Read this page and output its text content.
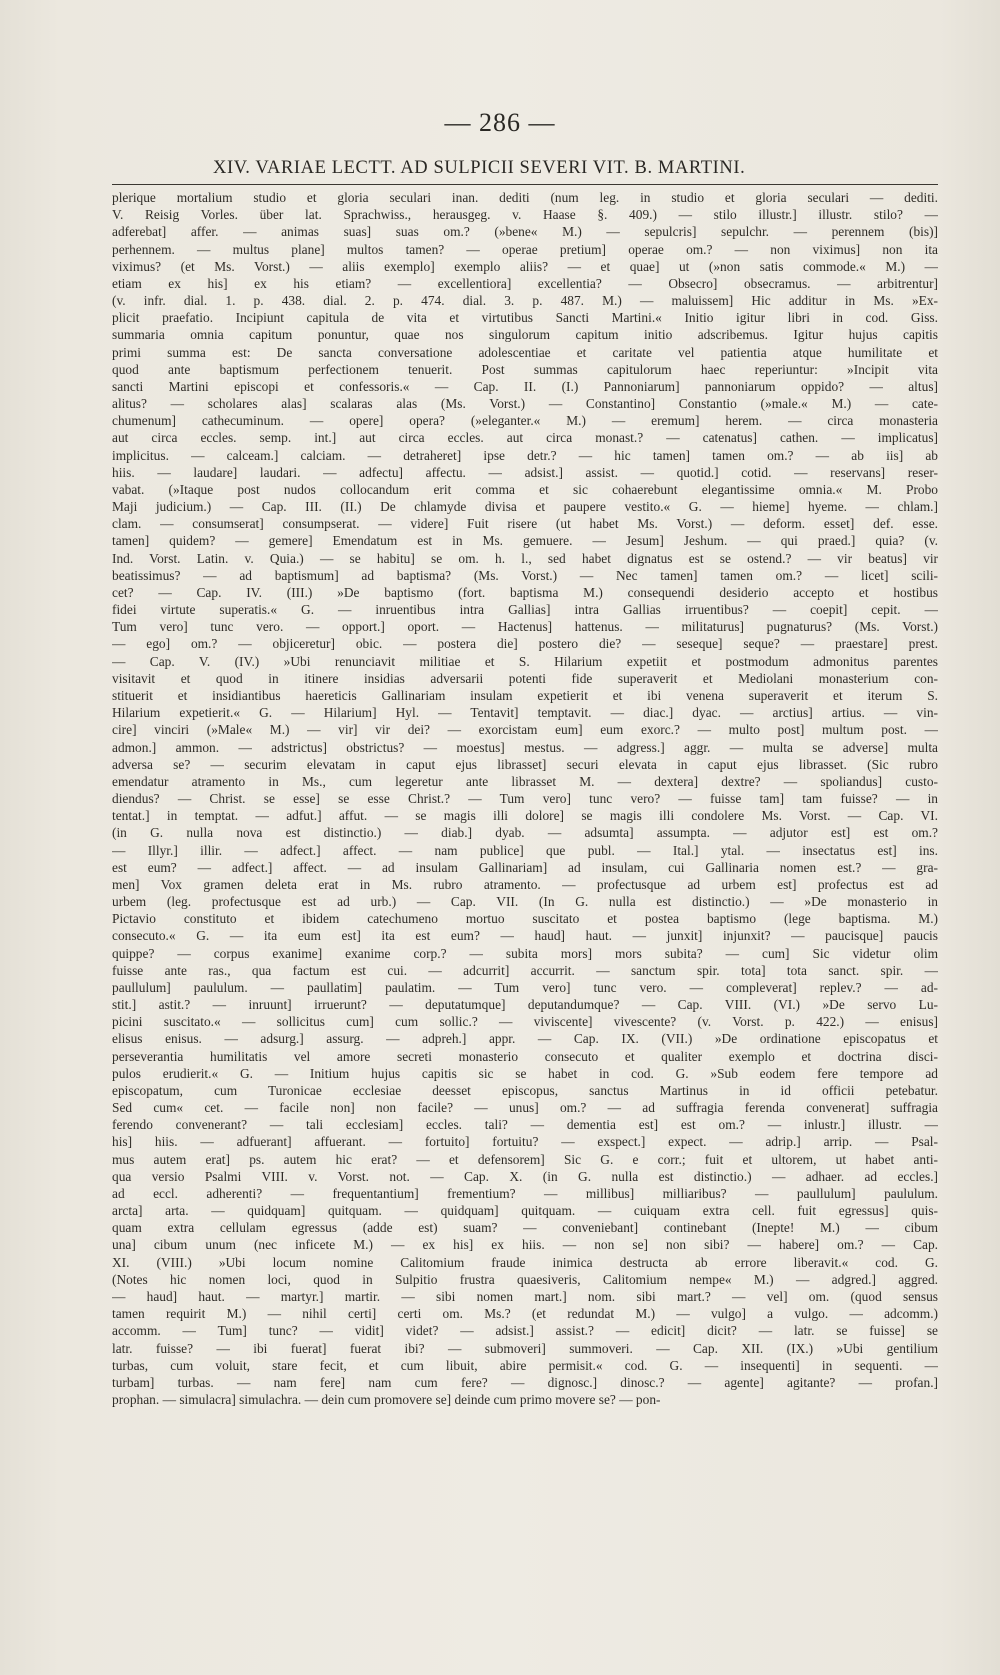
— 286 —
XIV. VARIAE LECTT. AD SULPICII SEVERI VIT. B. MARTINI.
plerique mortalium studio et gloria seculari inan. dediti (num leg. in studio et gloria seculari — dediti.
V. Reisig Vorles. über lat. Sprachwiss., herausgeg. v. Haase §. 409.) — stilo illustr.] illustr. stilo? —
adferebat] affer. — animas suas] suas om.? (»bene« M.) — sepulcris] sepulchr. — perennem (bis)]
perhennem. — multus plane] multos tamen? — operae pretium] operae om.? — non viximus] non ita
viximus? (et Ms. Vorst.) — aliis exemplo] exemplo aliis? — et quae] ut (»non satis commode.« M.) —
etiam ex his] ex his etiam? — excellentiora] excellentia? — Obsecro] obsecramus. — arbitrentur]
(v. infr. dial. 1. p. 438. dial. 2. p. 474. dial. 3. p. 487. M.) — maluissem] Hic additur in Ms. »Ex-
plicit praefatio. Incipiunt capitula de vita et virtutibus Sancti Martini.« Initio igitur libri in cod. Giss.
summaria omnia capitum ponuntur, quae nos singulorum capitum initio adscribemus. Igitur hujus capitis
primi summa est: De sancta conversatione adolescentiae et caritate vel patientia atque humilitate et
quod ante baptismum perfectionem tenuerit. Post summas capitulorum haec reperiuntur: »Incipit vita
sancti Martini episcopi et confessoris.« — Cap. II. (I.) Pannoniarum] pannoniarum oppido? — altus]
alitus? — scholares alas] scalaras alas (Ms. Vorst.) — Constantino] Constantio (»male.« M.) — cate-
chumenum] cathecuminum. — opere] opera? (»eleganter.« M.) — eremum] herem. — circa monasteria
aut circa eccles. semp. int.] aut circa eccles. aut circa monast.? — catenatus] cathen. — implicatus]
implicitus. — calceam.] calciam. — detraheret] ipse detr.? — hic tamen] tamen om.? — ab iis] ab
hiis. — laudare] laudari. — adfectu] affectu. — adsist.] assist. — quotid.] cotid. — reservans] reser-
vabat. (»Itaque post nudos collocandum erit comma et sic cohaerebunt elegantissime omnia.« M. Probo
Maji judicium.) — Cap. III. (II.) De chlamyde divisa et paupere vestito.« G. — hieme] hyeme. — chlam.]
clam. — consumserat] consumpserat. — videre] Fuit risere (ut habet Ms. Vorst.) — deform. esset] def. esse.
tamen] quidem? — gemere] Emendatum est in Ms. gemuere. — Jesum] Jeshum. — qui praed.] quia? (v.
Ind. Vorst. Latin. v. Quia.) — se habitu] se om. h. l., sed habet dignatus est se ostend.? — vir beatus] vir
beatissimus? — ad baptismum] ad baptisma? (Ms. Vorst.) — Nec tamen] tamen om.? — licet] scili-
cet? — Cap. IV. (III.) »De baptismo (fort. baptisma M.) consequendi desiderio accepto et hostibus
fidei virtute superatis.« G. — inruentibus intra Gallias] intra Gallias irruentibus? — coepit] cepit. —
Tum vero] tunc vero. — opport.] oport. — Hactenus] hattenus. — militaturus] pugnaturus? (Ms. Vorst.)
— ego] om.? — objiceretur] obic. — postera die] postero die? — seseque] seque? — praestare] prest.
— Cap. V. (IV.) »Ubi renunciavit militiae et S. Hilarium expetiit et postmodum admonitus parentes
visitavit et quod in itinere insidias adversarii potenti fide superaverit et Mediolani monasterium con-
stituerit et insidiantibus haereticis Gallinariam insulam expetierit et ibi venena superaverit et iterum S.
Hilarium expetierit.« G. — Hilarium] Hyl. — Tentavit] temptavit. — diac.] dyac. — arctius] artius. — vin-
cire] vinciri (»Male« M.) — vir] vir dei? — exorcistam eum] eum exorc.? — multo post] multum post. —
admon.] ammon. — adstrictus] obstrictus? — moestus] mestus. — adgress.] aggr. — multa se adverse] multa
adversa se? — securim elevatam in caput ejus librasset] securi elevata in caput ejus librasset. (Sic rubro
emendatur atramento in Ms., cum legeretur ante librasset M. — dextera] dextre? — spoliandus] custo-
diendus? — Christ. se esse] se esse Christ.? — Tum vero] tunc vero? — fuisse tam] tam fuisse? — in
tentat.] in temptat. — adfut.] affut. — se magis illi dolore] se magis illi condolere Ms. Vorst. — Cap. VI.
(in G. nulla nova est distinctio.) — diab.] dyab. — adsumta] assumpta. — adjutor est] est om.?
— Illyr.] illir. — adfect.] affect. — nam publice] que publ. — Ital.] ytal. — insectatus est] ins.
est eum? — adfect.] affect. — ad insulam Gallinariam] ad insulam, cui Gallinaria nomen est.? — gra-
men] Vox gramen deleta erat in Ms. rubro atramento. — profectusque ad urbem est] profectus est ad
urbem (leg. profectusque est ad urb.) — Cap. VII. (In G. nulla est distinctio.) — »De monasterio in
Pictavio constituto et ibidem catechumeno mortuo suscitato et postea baptismo (lege baptisma. M.)
consecuto.« G. — ita eum est] ita est eum? — haud] haut. — junxit] injunxit? — paucisque] paucis
quippe? — corpus exanime] exanime corp.? — subita mors] mors subita? — cum] Sic videtur olim
fuisse ante ras., qua factum est cui. — adcurrit] accurrit. — sanctum spir. tota] tota sanct. spir. —
paullulum] paululum. — paullatim] paulatim. — Tum vero] tunc vero. — compleverat] replev.? — ad-
stit.] astit.? — inruunt] irruerunt? — deputatumque] deputandumque? — Cap. VIII. (VI.) »De servo Lu-
picini suscitato.« — sollicitus cum] cum sollic.? — viviscente] vivescente? (v. Vorst. p. 422.) — enisus]
elisus enisus. — adsurg.] assurg. — adpreh.] appr. — Cap. IX. (VII.) »De ordinatione episcopatus et
perseverantia humilitatis vel amore secreti monasterio consecuto et qualiter exemplo et doctrina disci-
pulos erudierit.« G. — Initium hujus capitis sic se habet in cod. G. »Sub eodem fere tempore ad
episcopatum, cum Turonicae ecclesiae deesset episcopus, sanctus Martinus in id officii petebatur.
Sed cum« cet. — facile non] non facile? — unus] om.? — ad suffragia ferenda convenerat] suffragia
ferendo convenerant? — tali ecclesiam] eccles. tali? — dementia est] est om.? — inlustr.] illustr. —
his] hiis. — adfuerant] affuerant. — fortuito] fortuitu? — exspect.] expect. — adrip.] arrip. — Psal-
mus autem erat] ps. autem hic erat? — et defensorem] Sic G. e corr.; fuit et ultorem, ut habet anti-
qua versio Psalmi VIII. v. Vorst. not. — Cap. X. (in G. nulla est distinctio.) — adhaer. ad eccles.]
ad eccl. adherenti? — frequentantium] frementium? — millibus] milliaribus? — paullulum] paululum.
arcta] arta. — quidquam] quitquam. — quidquam] quitquam. — cuiquam extra cell. fuit egressus] quis-
quam extra cellulam egressus (adde est) suam? — conveniebant] continebant (Inepte! M.) — cibum
una] cibum unum (nec inficete M.) — ex his] ex hiis. — non se] non sibi? — habere] om.? — Cap.
XI. (VIII.) »Ubi locum nomine Calitomium fraude inimica destructa ab errore liberavit.« cod. G.
(Notes hic nomen loci, quod in Sulpitio frustra quaesiveris, Calitomium nempe« M.) — adgred.] aggred.
— haud] haut. — martyr.] martir. — sibi nomen mart.] nom. sibi mart.? — vel] om. (quod sensus
tamen requirit M.) — nihil certi] certi om. Ms.? (et redundat M.) — vulgo] a vulgo. — adcomm.)
accomm. — Tum] tunc? — vidit] videt? — adsist.] assist.? — edicit] dicit? — latr. se fuisse] se
latr. fuisse? — ibi fuerat] fuerat ibi? — submoveri] summoveri. — Cap. XII. (IX.) »Ubi gentilium
turbas, cum voluit, stare fecit, et cum libuit, abire permisit.« cod. G. — insequenti] in sequenti. —
turbam] turbas. — nam fere] nam cum fere? — dignosc.] dinosc.? — agente] agitante? — profan.]
prophan. — simulacra] simulachra. — dein cum promovere se] deinde cum primo movere se? — pon-
